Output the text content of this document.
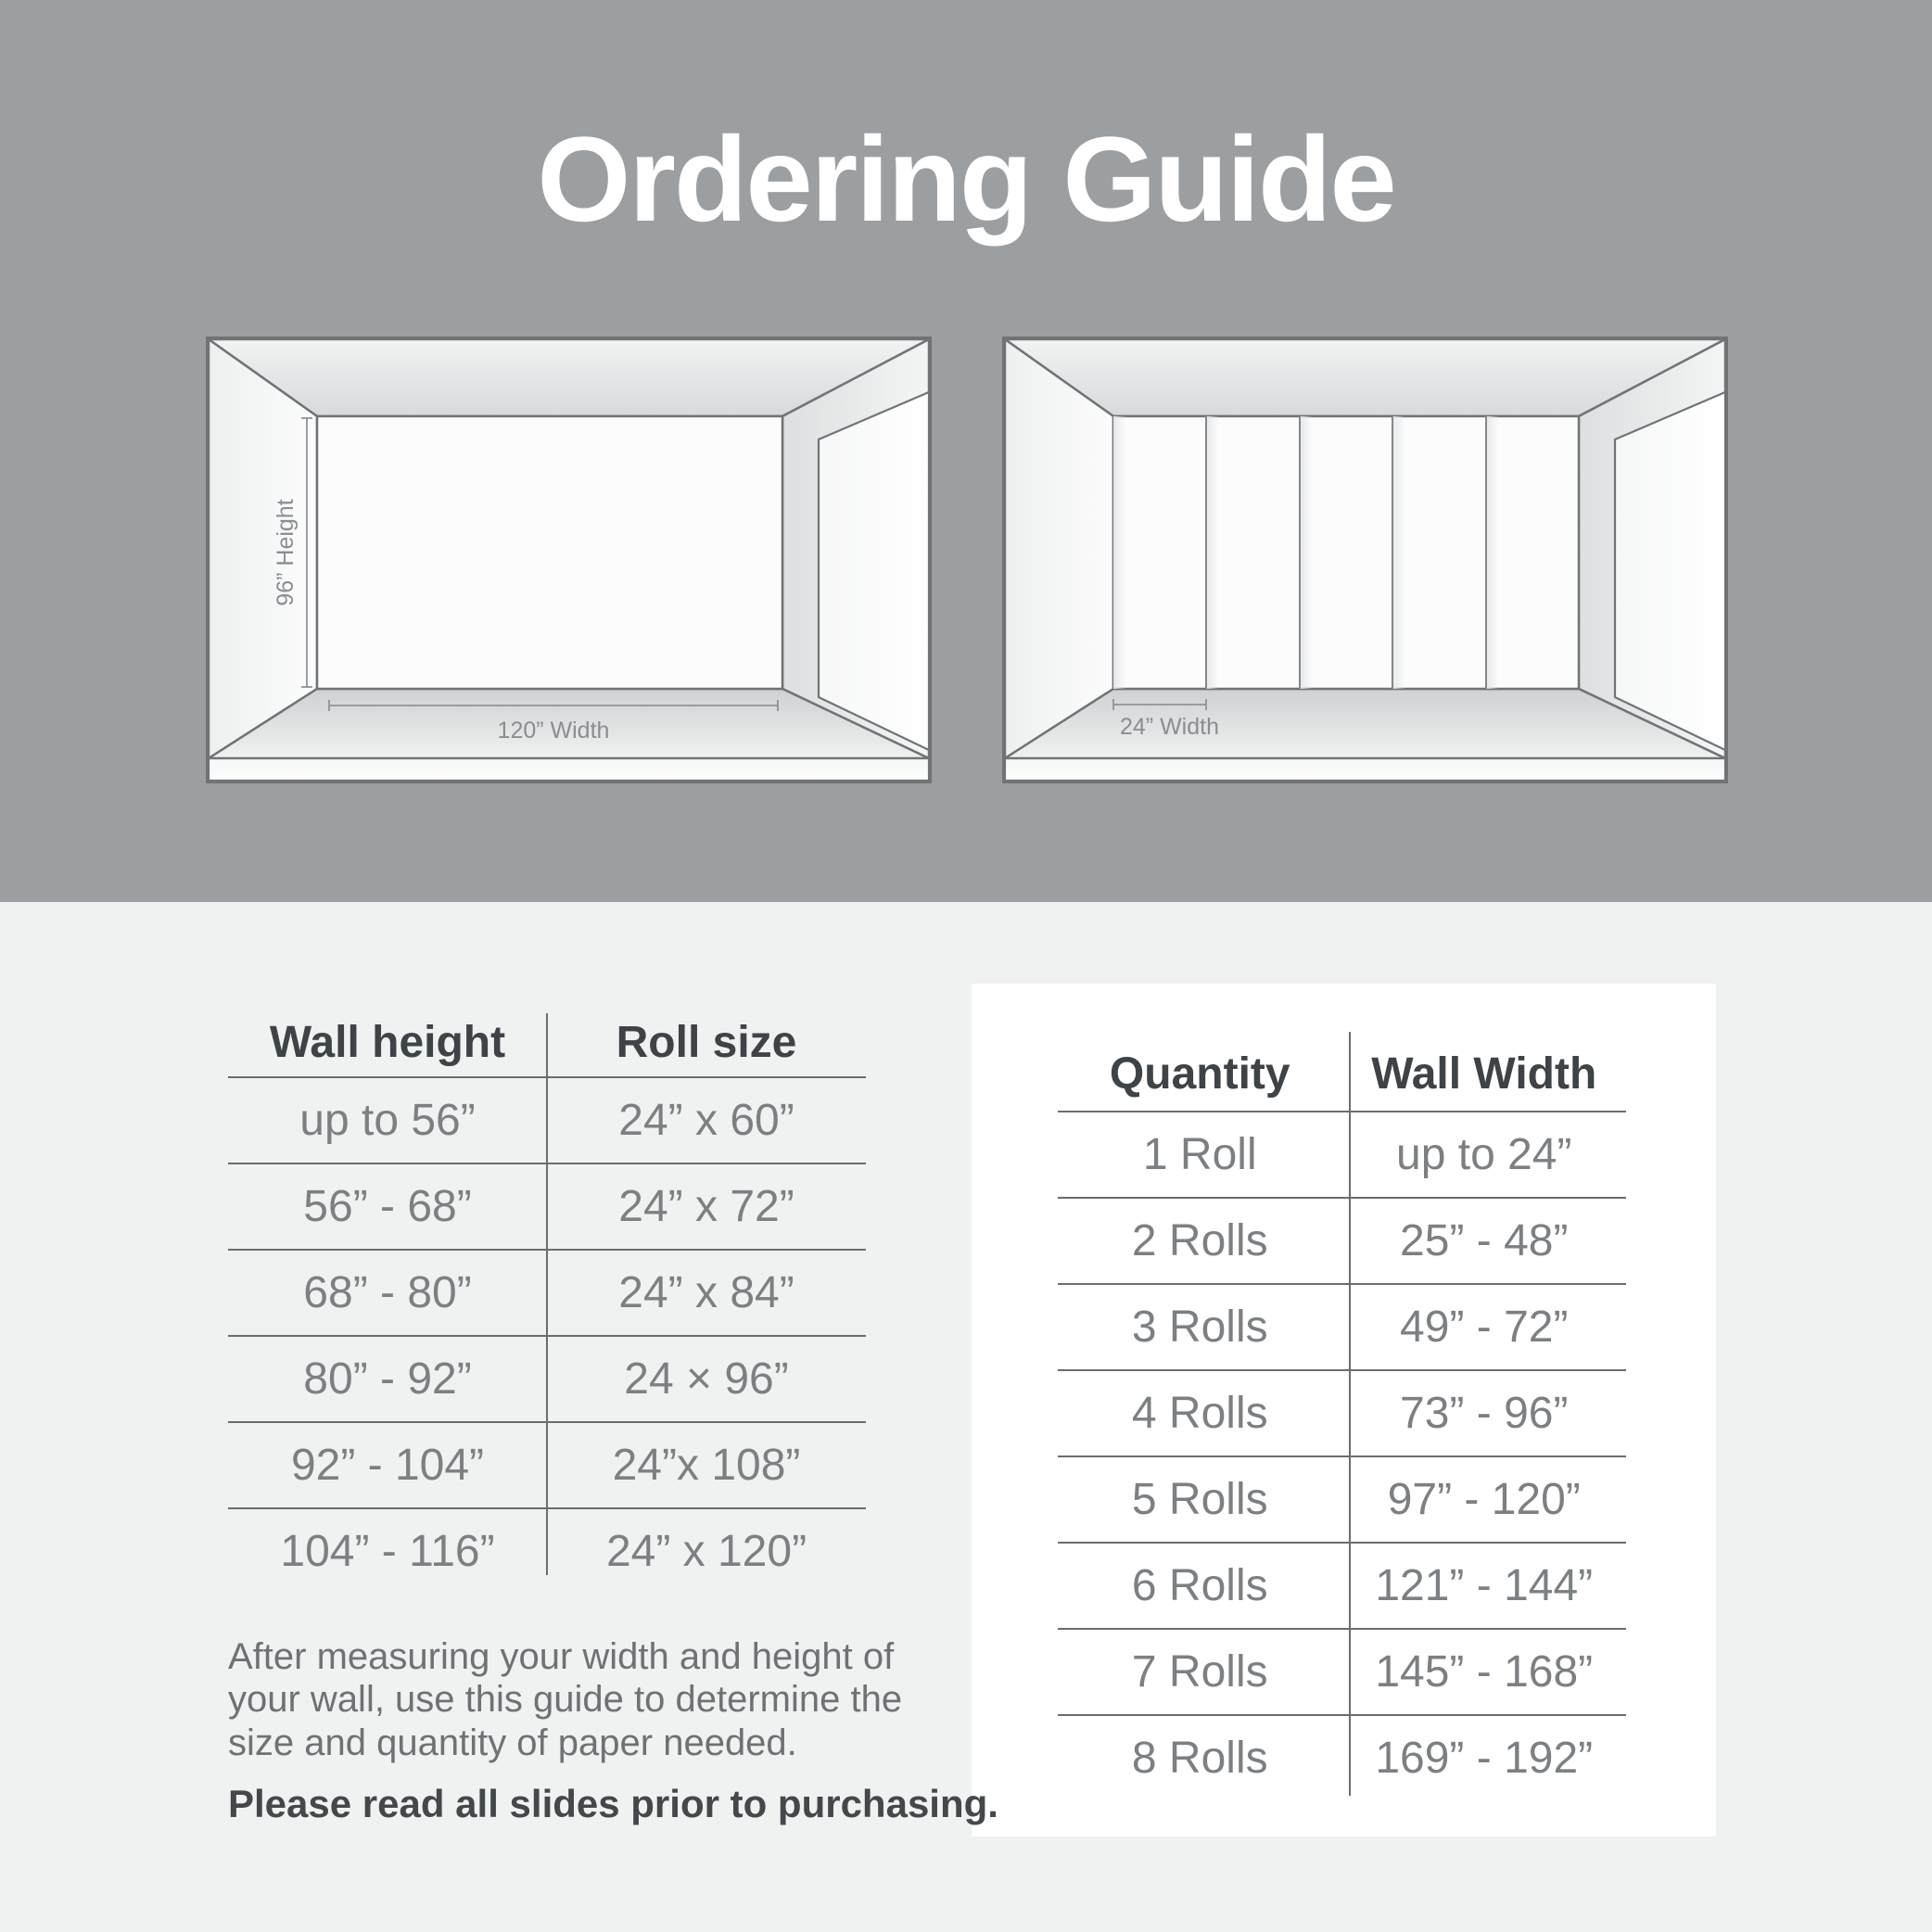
Ordering Guide
96” Height
120” Width	24” Width
Wall height	Roll size
up to 56”	24” x 60”
56” - 68”	24” x 72”
68” - 80”	24” x 84”
80” - 92”	24 × 96”
92” - 104”	24”x 108”
104” - 116”	24” x 120”
Quantity	Wall Width
1 Roll	up to 24”
2 Rolls	25” - 48”
3 Rolls	49” - 72”
4 Rolls	73” - 96”
5 Rolls	97” - 120”
6 Rolls	121” - 144”
7 Rolls	145” - 168”
8 Rolls	169” - 192”
After measuring your width and height of your wall, use this guide to determine the size and quantity of paper needed.
Please read all slides prior to purchasing.
